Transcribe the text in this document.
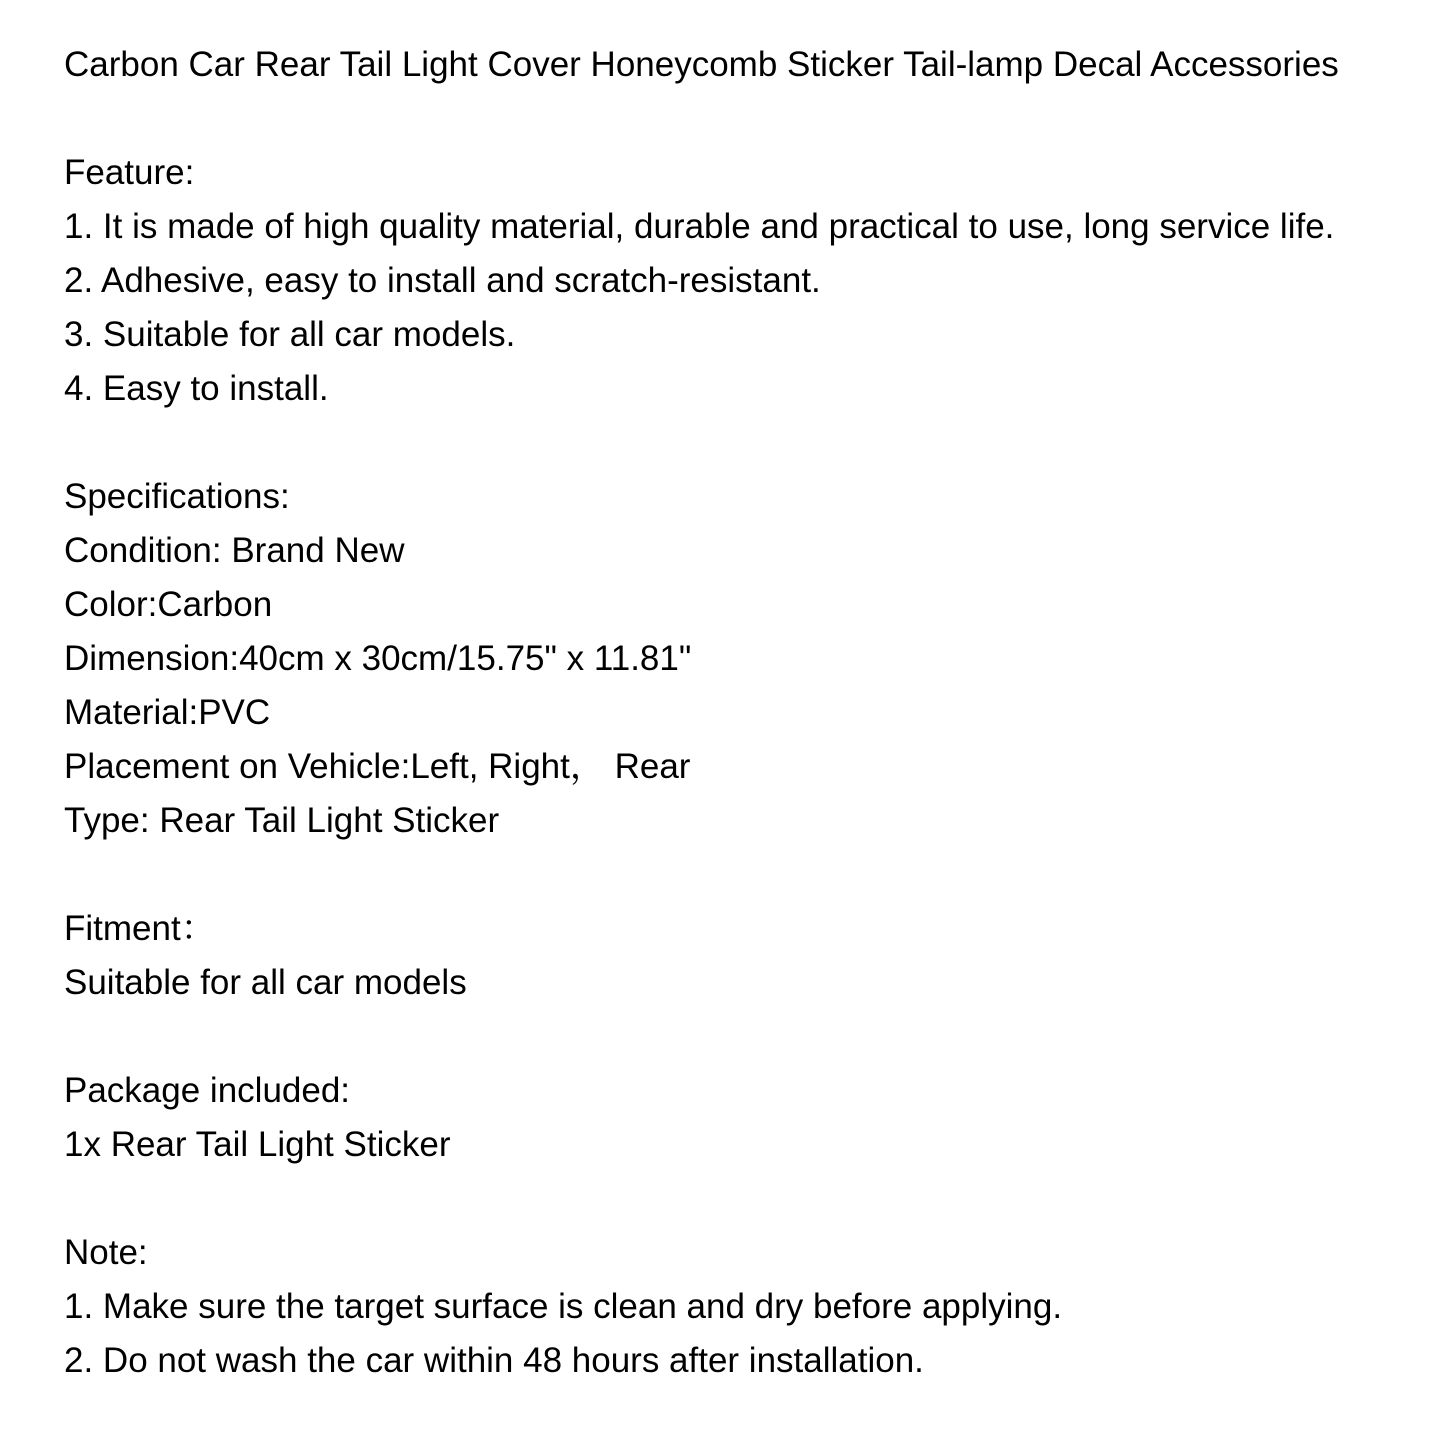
Carbon Car Rear Tail Light Cover Honeycomb Sticker Tail-lamp Decal Accessories
Feature:
1. It is made of high quality material, durable and practical to use, long service life.
2. Adhesive, easy to install and scratch-resistant.
3. Suitable for all car models.
4. Easy to install.
Specifications:
Condition: Brand New
Color:Carbon
Dimension:40cm x 30cm/15.75" x 11.81"
Material:PVC
Placement on Vehicle:Left, Right， Rear
Type: Rear Tail Light Sticker
Fitment：
Suitable for all car models
Package included:
1x Rear Tail Light Sticker
Note:
1. Make sure the target surface is clean and dry before applying.
2. Do not wash the car within 48 hours after installation.
